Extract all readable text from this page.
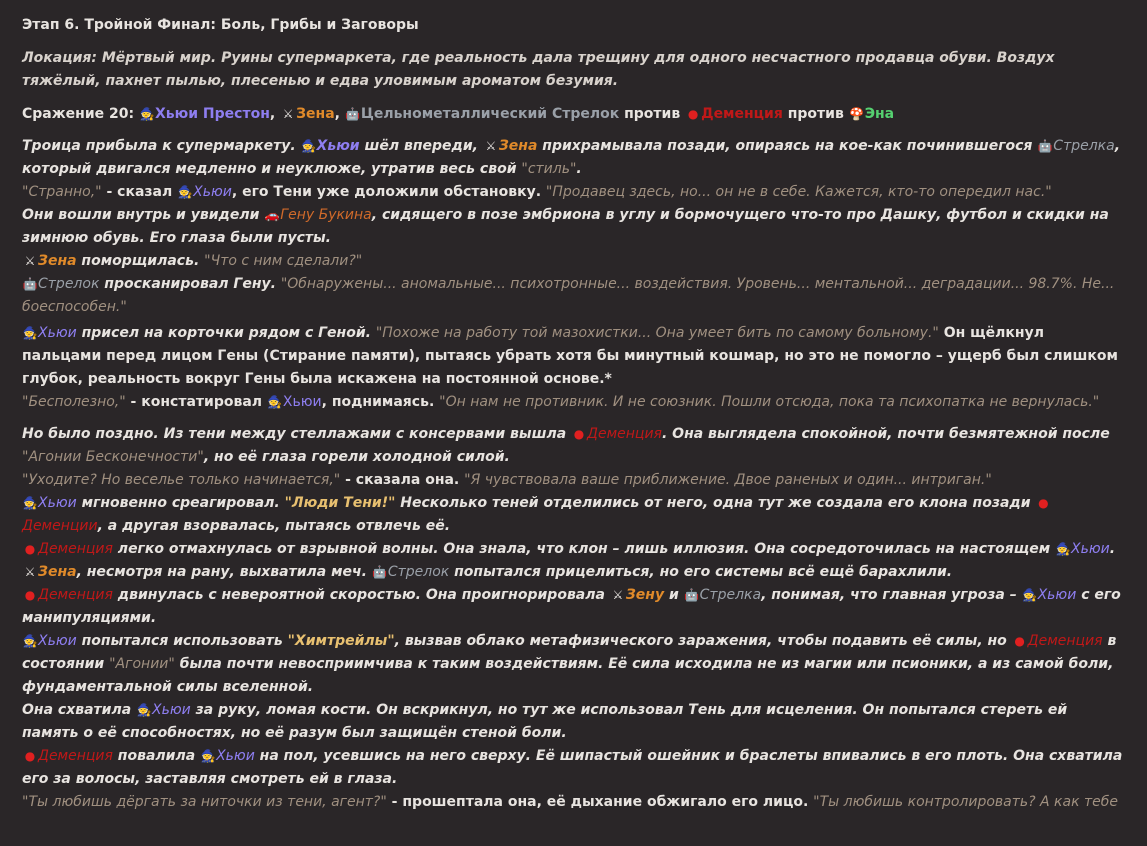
Этап 6. Тройной Финал: Боль, Грибы и Заговоры

Локация: Мёртвый мир. Руины супермаркета, где реальность дала трещину для одного несчастного продавца обуви. Воздух тяжёлый, пахнет пылью, плесенью и едва уловимым ароматом безумия.

Сражение 20: 🧙Хьюи Престон, ⚔ Зена, 🤖Цельнометаллический Стрелок против ● Деменция против 🍄Эна

Троица прибыла к супермаркету. 🧙Хьюи шёл впереди, ⚔ Зена прихрамывала позади, опираясь на кое-как починившегося 🤖Стрелка, который двигался медленно и неуклюже, утратив весь свой "стиль".

"Странно," - сказал 🧙Хьюи, его Тени уже доложили обстановку. "Продавец здесь, но... он не в себе. Кажется, кто-то опередил нас."

Они вошли внутрь и увидели 🚗Гену Букина, сидящего в позе эмбриона в углу и бормочущего что-то про Дашку, футбол и скидки на зимнюю обувь. Его глаза были пусты.

⚔ Зена поморщилась. "Что с ним сделали?"

🤖Стрелок просканировал Гену. "Обнаружены... аномальные... психотронные... воздействия. Уровень... ментальной... деградации... 98.7%. Не... боеспособен."

🧙Хьюи присел на корточки рядом с Геной. "Похоже на работу той мазохистки... Она умеет бить по самому больному." Он щёлкнул пальцами перед лицом Гены (Стирание памяти), пытаясь убрать хотя бы минутный кошмар, но это не помогло – ущерб был слишком глубок, реальность вокруг Гены была искажена на постоянной основе.*

"Бесполезно," - констатировал 🧙Хьюи, поднимаясь. "Он нам не противник. И не союзник. Пошли отсюда, пока та психопатка не вернулась."

Но было поздно. Из тени между стеллажами с консервами вышла ● Деменция. Она выглядела спокойной, почти безмятежной после "Агонии Бесконечности", но её глаза горели холодной силой.

"Уходите? Но веселье только начинается," - сказала она. "Я чувствовала ваше приближение. Двое раненых и один... интриган."

🧙Хьюи мгновенно среагировал. "Люди Тени!" Несколько теней отделились от него, одна тут же создала его клона позади ●Деменции, а другая взорвалась, пытаясь отвлечь её.

● Деменция легко отмахнулась от взрывной волны. Она знала, что клон – лишь иллюзия. Она сосредоточилась на настоящем 🧙Хьюи.

⚔ Зена, несмотря на рану, выхватила меч. 🤖Стрелок попытался прицелиться, но его системы всё ещё барахлили.

● Деменция двинулась с невероятной скоростью. Она проигнорировала ⚔ Зену и 🤖Стрелка, понимая, что главная угроза – 🧙Хьюи с его манипуляциями.

🧙Хьюи попытался использовать "Химтрейлы", вызвав облако метафизического заражения, чтобы подавить её силы, но ● Деменция в состоянии "Агонии" была почти невосприимчива к таким воздействиям. Её сила исходила не из магии или псионики, а из самой боли, фундаментальной силы вселенной.

Она схватила 🧙Хьюи за руку, ломая кости. Он вскрикнул, но тут же использовал Тень для исцеления. Он попытался стереть ей память о её способностях, но её разум был защищён стеной боли.

● Деменция повалила 🧙Хьюи на пол, усевшись на него сверху. Её шипастый ошейник и браслеты впивались в его плоть. Она схватила его за волосы, заставляя смотреть ей в глаза.

"Ты любишь дёргать за ниточки из тени, агент?" - прошептала она, её дыхание обжигало его лицо. "Ты любишь контролировать? А как тебе
